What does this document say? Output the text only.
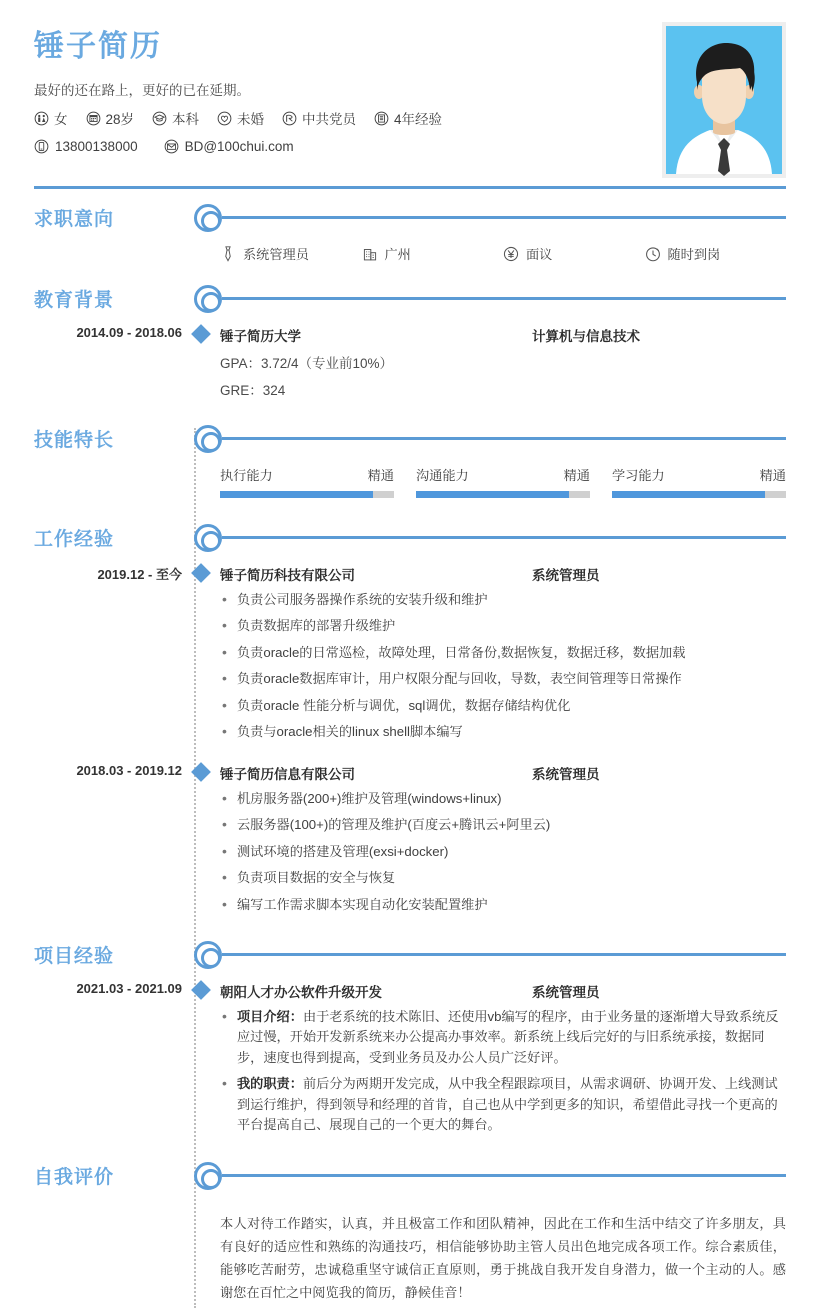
锤子简历
最好的还在路上，更好的已在延期。
女	28岁	本科	未婚	中共党员	4年经验
13800138000	BD@100chui.com
求职意向
系统管理员	广州	面议	随时到岗
教育背景
2014.09 - 2018.06	锤子简历大学	计算机与信息技术
GPA：3.72/4（专业前10%）
GRE：324
技能特长
执行能力	精通 沟通能力	精通 学习能力	精通
工作经验
2019.12 - 至今	锤子简历科技有限公司	系统管理员
• 负责公司服务器操作系统的安装升级和维护
• 负责数据库的部署升级维护
• 负责oracle的日常巡检，故障处理，日常备份,数据恢复，数据迁移，数据加载
• 负责oracle数据库审计，用户权限分配与回收，导数，表空间管理等日常操作
• 负责oracle 性能分析与调优，sql调优，数据存储结构优化
• 负责与oracle相关的linux shell脚本编写
2018.03 - 2019.12	锤子简历信息有限公司	系统管理员
• 机房服务器(200+)维护及管理(windows+linux)
• 云服务器(100+)的管理及维护(百度云+腾讯云+阿里云)
• 测试环境的搭建及管理(exsi+docker)
• 负责项目数据的安全与恢复
• 编写工作需求脚本实现自动化安装配置维护
项目经验
2021.03 - 2021.09	朝阳人才办公软件升级开发	系统管理员
• 项目介绍：由于老系统的技术陈旧、还使用vb编写的程序，由于业务量的逐渐增大导致系统反应过慢，开始开发新系统来办公提高办事效率。新系统上线后完好的与旧系统承接，数据同步，速度也得到提高，受到业务员及办公人员广泛好评。
• 我的职责：前后分为两期开发完成，从中我全程跟踪项目，从需求调研、协调开发、上线测试到运行维护，得到领导和经理的首肯，自己也从中学到更多的知识，希望借此寻找一个更高的平台提高自己、展现自己的一个更大的舞台。
自我评价
本人对待工作踏实，认真，并且极富工作和团队精神，因此在工作和生活中结交了许多朋友，具有良好的适应性和熟练的沟通技巧，相信能够协助主管人员出色地完成各项工作。综合素质佳，能够吃苦耐劳，忠诚稳重坚守诚信正直原则，勇于挑战自我开发自身潜力，做一个主动的人。感谢您在百忙之中阅览我的简历，静候佳音！
